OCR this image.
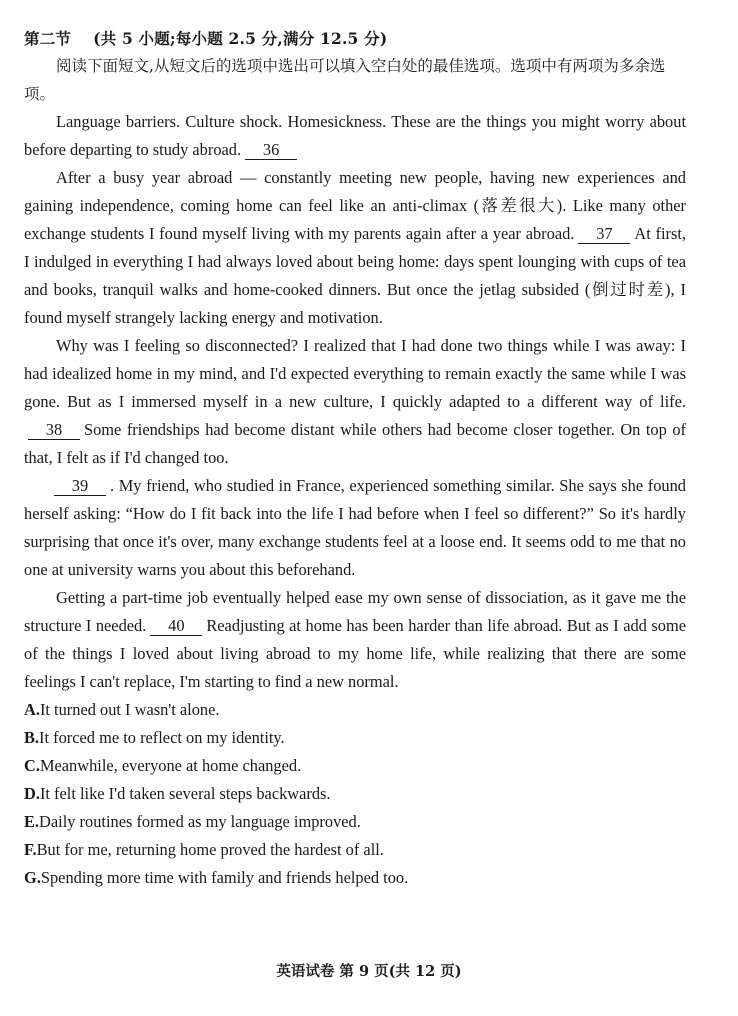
第二节 (共 5 小题;每小题 2.5 分,满分 12.5 分)

阅读下面短文,从短文后的选项中选出可以填入空白处的最佳选项。选项中有两项为多余选项。

Language barriers. Culture shock. Homesickness. These are the things you might worry about before departing to study abroad. 36

After a busy year abroad — constantly meeting new people, having new experiences and gaining independence, coming home can feel like an anti-climax (落差很大). Like many other exchange students I found myself living with my parents again after a year abroad. 37 At first, I indulged in everything I had always loved about being home: days spent lounging with cups of tea and books, tranquil walks and home-cooked dinners. But once the jetlag subsided (倒过时差), I found myself strangely lacking energy and motivation.

Why was I feeling so disconnected? I realized that I had done two things while I was away: I had idealized home in my mind, and I'd expected everything to remain exactly the same while I was gone. But as I immersed myself in a new culture, I quickly adapted to a different way of life.38 Some friendships had become distant while others had become closer together. On top of that, I felt as if I'd changed too.

39 . My friend, who studied in France, experienced something similar. She says she found herself asking: “How do I fit back into the life I had before when I feel so different?” So it's hardly surprising that once it's over, many exchange students feel at a loose end. It seems odd to me that no one at university warns you about this beforehand.

Getting a part-time job eventually helped ease my own sense of dissociation, as it gave me the structure I needed. 40 Readjusting at home has been harder than life abroad. But as I add some of the things I loved about living abroad to my home life, while realizing that there are some feelings I can't replace, I'm starting to find a new normal.

A.It turned out I wasn't alone.
B.It forced me to reflect on my identity.
C.Meanwhile, everyone at home changed.
D.It felt like I'd taken several steps backwards.
E.Daily routines formed as my language improved.
F.But for me, returning home proved the hardest of all.
G.Spending more time with family and friends helped too.
英语试卷 第 9 页(共 12 页)
